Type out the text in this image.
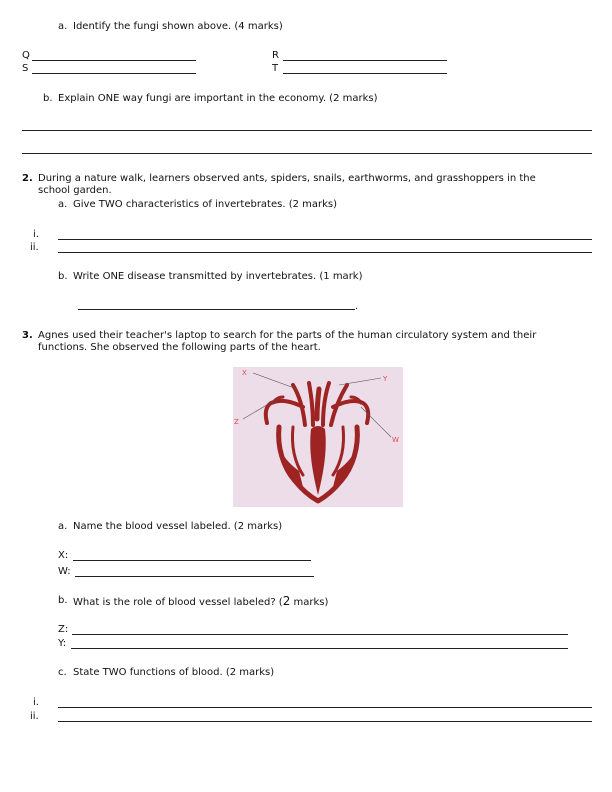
a. Identify the fungi shown above. (4 marks)
Q	R
S	T
b. Explain ONE way fungi are important in the economy. (2 marks)
2. During a nature walk, learners observed ants, spiders, snails, earthworms, and grasshoppers in the
school garden.
a. Give TWO characteristics of invertebrates. (2 marks)
i.
ii.
b. Write ONE disease transmitted by invertebrates. (1 mark)
.
3. Agnes used their teacher's laptop to search for the parts of the human circulatory system and their
functions. She observed the following parts of the heart.
X
Y
Z
W
a. Name the blood vessel labeled. (2 marks)
X:
W:
b. What is the role of blood vessel labeled? (2 marks)
Z:
Y:
c. State TWO functions of blood. (2 marks)
i.
ii.
